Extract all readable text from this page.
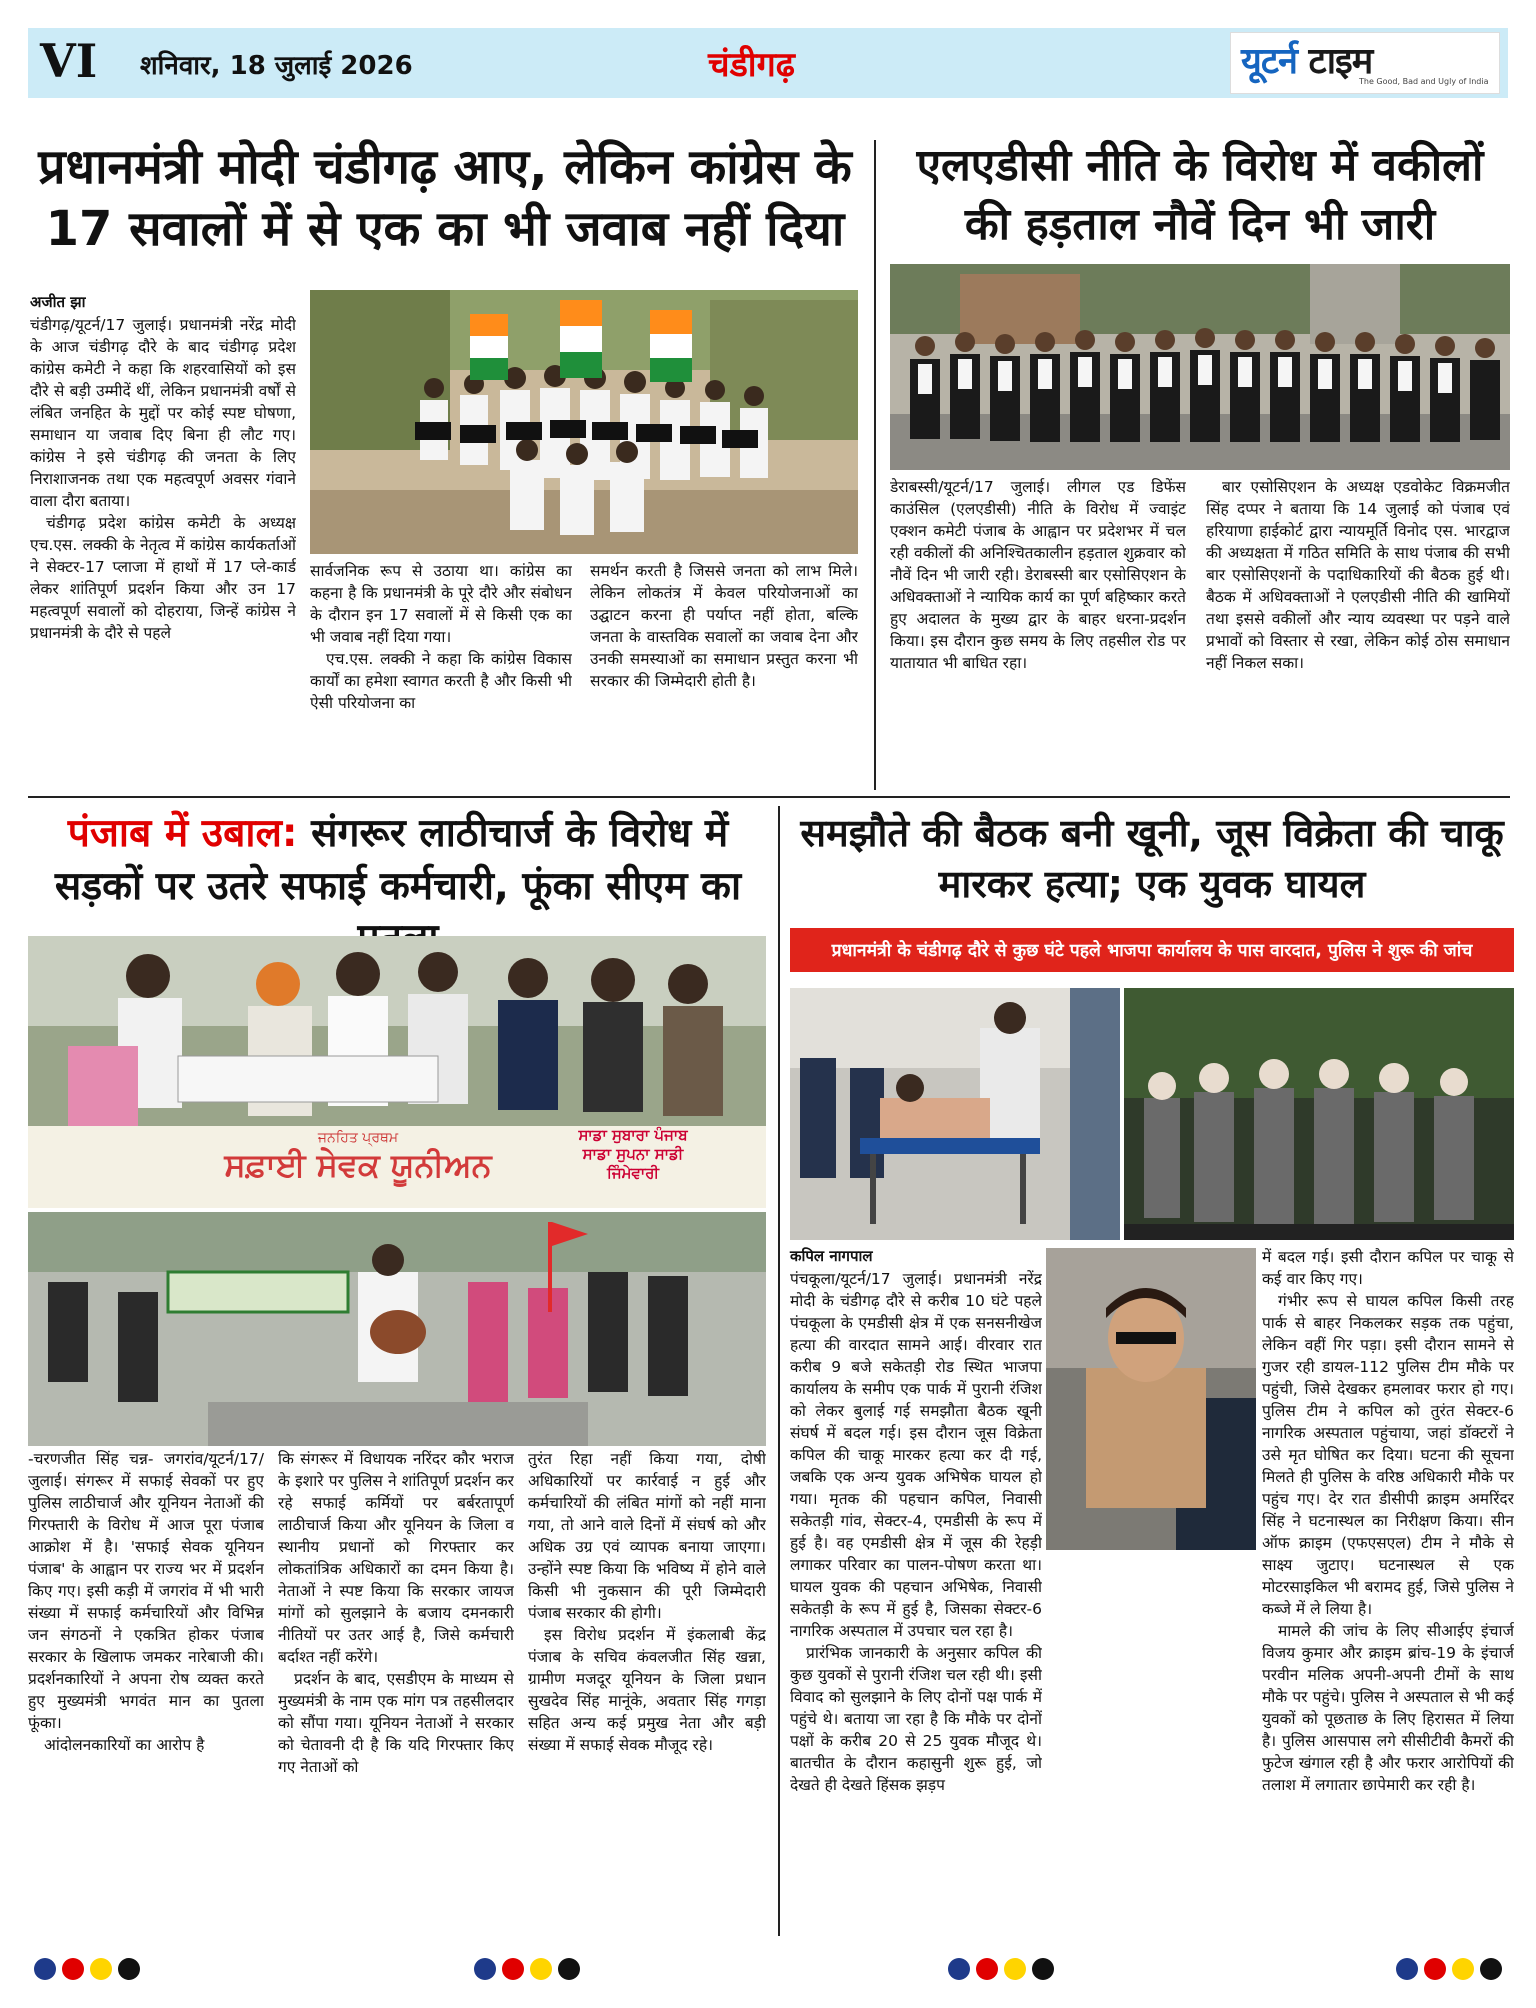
VI शनिवार, 18 जुलाई 2026	चंडीगढ़	यूटर्न टाइम
The Good, Bad and Ugly of India
प्रधानमंत्री मोदी चंडीगढ़ आए, लेकिन कांग्रेस के 17 सवालों में से एक का भी जवाब नहीं दिया
अजीत झा

चंडीगढ़/यूटर्न/17 जुलाई। प्रधानमंत्री नरेंद्र मोदी के आज चंडीगढ़ दौरे के बाद चंडीगढ़ प्रदेश कांग्रेस कमेटी ने कहा कि शहरवासियों को इस दौरे से बड़ी उम्मीदें थीं, लेकिन प्रधानमंत्री वर्षों से लंबित जनहित के मुद्दों पर कोई स्पष्ट घोषणा, समाधान या जवाब दिए बिना ही लौट गए। कांग्रेस ने इसे चंडीगढ़ की जनता के लिए निराशाजनक तथा एक महत्वपूर्ण अवसर गंवाने वाला दौरा बताया।

चंडीगढ़ प्रदेश कांग्रेस कमेटी के अध्यक्ष एच.एस. लक्की के नेतृत्व में कांग्रेस कार्यकर्ताओं ने सेक्टर-17 प्लाजा में हाथों में 17 प्ले-कार्ड लेकर शांतिपूर्ण प्रदर्शन किया और उन 17 महत्वपूर्ण सवालों को दोहराया, जिन्हें कांग्रेस ने प्रधानमंत्री के दौरे से पहले

सार्वजनिक रूप से उठाया था। कांग्रेस का कहना है कि प्रधानमंत्री के पूरे दौरे और संबोधन के दौरान इन 17 सवालों में से किसी एक का भी जवाब नहीं दिया गया।

एच.एस. लक्की ने कहा कि कांग्रेस विकास कार्यों का हमेशा स्वागत करती है और किसी भी ऐसी परियोजना का

समर्थन करती है जिससे जनता को लाभ मिले। लेकिन लोकतंत्र में केवल परियोजनाओं का उद्घाटन करना ही पर्याप्त नहीं होता, बल्कि जनता के वास्तविक सवालों का जवाब देना और उनकी समस्याओं का समाधान प्रस्तुत करना भी सरकार की जिम्मेदारी होती है।

एलएडीसी नीति के विरोध में वकीलों की हड़ताल नौवें दिन भी जारी

डेराबस्सी/यूटर्न/17 जुलाई। लीगल एड डिफेंस काउंसिल (एलएडीसी) नीति के विरोध में ज्वाइंट एक्शन कमेटी पंजाब के आह्वान पर प्रदेशभर में चल रही वकीलों की अनिश्चितकालीन हड़ताल शुक्रवार को नौवें दिन भी जारी रही। डेराबस्सी बार एसोसिएशन के अधिवक्ताओं ने न्यायिक कार्य का पूर्ण बहिष्कार करते हुए अदालत के मुख्य द्वार के बाहर धरना-प्रदर्शन किया। इस दौरान कुछ समय के लिए तहसील रोड पर यातायात भी बाधित रहा।

बार एसोसिएशन के अध्यक्ष एडवोकेट विक्रमजीत सिंह दप्पर ने बताया कि 14 जुलाई को पंजाब एवं हरियाणा हाईकोर्ट द्वारा न्यायमूर्ति विनोद एस. भारद्वाज की अध्यक्षता में गठित समिति के साथ पंजाब की सभी बार एसोसिएशनों के पदाधिकारियों की बैठक हुई थी। बैठक में अधिवक्ताओं ने एलएडीसी नीति की खामियों तथा इससे वकीलों और न्याय व्यवस्था पर पड़ने वाले प्रभावों को विस्तार से रखा, लेकिन कोई ठोस समाधान नहीं निकल सका।

पंजाब में उबाल: संगरूर लाठीचार्ज के विरोध में सड़कों पर उतरे सफाई कर्मचारी, फूंका सीएम का
ਜਨਹਿਤ ਪ੍ਰਥਮ
ਸਫ਼ਾਈ ਸੇਵਕ ਯੂਨੀਅਨ
ਸਾਡਾ ਸੁਬਾਰਾ ਪੰਜਾਬ ਸਾਡਾ ਸੁਪਨਾ ਸਾਡੀ ਜਿੰਮੇਵਾਰੀ

-चरणजीत सिंह चन्न- जगरांव/यूटर्न/17/जुलाई। संगरूर में सफाई सेवकों पर हुए पुलिस लाठीचार्ज और यूनियन नेताओं की गिरफ्तारी के विरोध में आज पूरा पंजाब आक्रोश में है। 'सफाई सेवक यूनियन पंजाब' के आह्वान पर राज्य भर में प्रदर्शन किए गए। इसी कड़ी में जगरांव में भी भारी संख्या में सफाई कर्मचारियों और विभिन्न जन संगठनों ने एकत्रित होकर पंजाब सरकार के खिलाफ जमकर नारेबाजी की। प्रदर्शनकारियों ने अपना रोष व्यक्त करते हुए मुख्यमंत्री भगवंत मान का पुतला फूंका।

आंदोलनकारियों का आरोप है

कि संगरूर में विधायक नरिंदर कौर भराज के इशारे पर पुलिस ने शांतिपूर्ण प्रदर्शन कर रहे सफाई कर्मियों पर बर्बरतापूर्ण लाठीचार्ज किया और यूनियन के जिला व स्थानीय प्रधानों को गिरफ्तार कर लोकतांत्रिक अधिकारों का दमन किया है। नेताओं ने स्पष्ट किया कि सरकार जायज मांगों को सुलझाने के बजाय दमनकारी नीतियों पर उतर आई है, जिसे कर्मचारी बर्दाश्त नहीं करेंगे।

प्रदर्शन के बाद, एसडीएम के माध्यम से मुख्यमंत्री के नाम एक मांग पत्र तहसीलदार को सौंपा गया। यूनियन नेताओं ने सरकार को चेतावनी दी है कि यदि गिरफ्तार किए गए नेताओं को

तुरंत रिहा नहीं किया गया, दोषी अधिकारियों पर कार्रवाई न हुई और कर्मचारियों की लंबित मांगों को नहीं माना गया, तो आने वाले दिनों में संघर्ष को और अधिक उग्र एवं व्यापक बनाया जाएगा। उन्होंने स्पष्ट किया कि भविष्य में होने वाले किसी भी नुकसान की पूरी जिम्मेदारी पंजाब सरकार की होगी।

इस विरोध प्रदर्शन में इंकलाबी केंद्र पंजाब के सचिव कंवलजीत सिंह खन्ना, ग्रामीण मजदूर यूनियन के जिला प्रधान सुखदेव सिंह मानूंके, अवतार सिंह गगड़ा सहित अन्य कई प्रमुख नेता और बड़ी संख्या में सफाई सेवक मौजूद रहे।

समझौते की बैठक बनी खूनी, जूस विक्रेता की चाकू मारकर हत्या; एक युवक घायल
प्रधानमंत्री के चंडीगढ़ दौरे से कुछ घंटे पहले भाजपा कार्यालय के पास वारदात, पुलिस ने शुरू की जांच
कपिल नागपाल

पंचकूला/यूटर्न/17 जुलाई। प्रधानमंत्री नरेंद्र मोदी के चंडीगढ़ दौरे से करीब 10 घंटे पहले पंचकूला के एमडीसी क्षेत्र में एक सनसनीखेज हत्या की वारदात सामने आई। वीरवार रात करीब 9 बजे सकेतड़ी रोड स्थित भाजपा कार्यालय के समीप एक पार्क में पुरानी रंजिश को लेकर बुलाई गई समझौता बैठक खूनी संघर्ष में बदल गई। इस दौरान जूस विक्रेता कपिल की चाकू मारकर हत्या कर दी गई, जबकि एक अन्य युवक अभिषेक घायल हो गया। मृतक की पहचान कपिल, निवासी सकेतड़ी गांव, सेक्टर-4, एमडीसी के रूप में हुई है। वह एमडीसी क्षेत्र में जूस की रेहड़ी लगाकर परिवार का पालन-पोषण करता था। घायल युवक की पहचान अभिषेक, निवासी सकेतड़ी के रूप में हुई है, जिसका सेक्टर-6 नागरिक अस्पताल में उपचार चल रहा है।

प्रारंभिक जानकारी के अनुसार कपिल की कुछ युवकों से पुरानी रंजिश चल रही थी। इसी विवाद को सुलझाने के लिए दोनों पक्ष पार्क में पहुंचे थे। बताया जा रहा है कि मौके पर दोनों पक्षों के करीब 20 से 25 युवक मौजूद थे। बातचीत के दौरान कहासुनी शुरू हुई, जो देखते ही देखते हिंसक झड़प

में बदल गई। इसी दौरान कपिल पर चाकू से कई वार किए गए।

गंभीर रूप से घायल कपिल किसी तरह पार्क से बाहर निकलकर सड़क तक पहुंचा, लेकिन वहीं गिर पड़ा। इसी दौरान सामने से गुजर रही डायल-112 पुलिस टीम मौके पर पहुंची, जिसे देखकर हमलावर फरार हो गए। पुलिस टीम ने कपिल को तुरंत सेक्टर-6 नागरिक अस्पताल पहुंचाया, जहां डॉक्टरों ने उसे मृत घोषित कर दिया। घटना की सूचना मिलते ही पुलिस के वरिष्ठ अधिकारी मौके पर पहुंच गए। देर रात डीसीपी क्राइम अमरिंदर सिंह ने घटनास्थल का निरीक्षण किया। सीन ऑफ क्राइम (एफएसएल) टीम ने मौके से साक्ष्य जुटाए। घटनास्थल से एक मोटरसाइकिल भी बरामद हुई, जिसे पुलिस ने कब्जे में ले लिया है।

मामले की जांच के लिए सीआईए इंचार्ज विजय कुमार और क्राइम ब्रांच-19 के इंचार्ज परवीन मलिक अपनी-अपनी टीमों के साथ मौके पर पहुंचे। पुलिस ने अस्पताल से भी कई युवकों को पूछताछ के लिए हिरासत में लिया है। पुलिस आसपास लगे सीसीटीवी कैमरों की फुटेज खंगाल रही है और फरार आरोपियों की तलाश में लगातार छापेमारी कर रही है।
